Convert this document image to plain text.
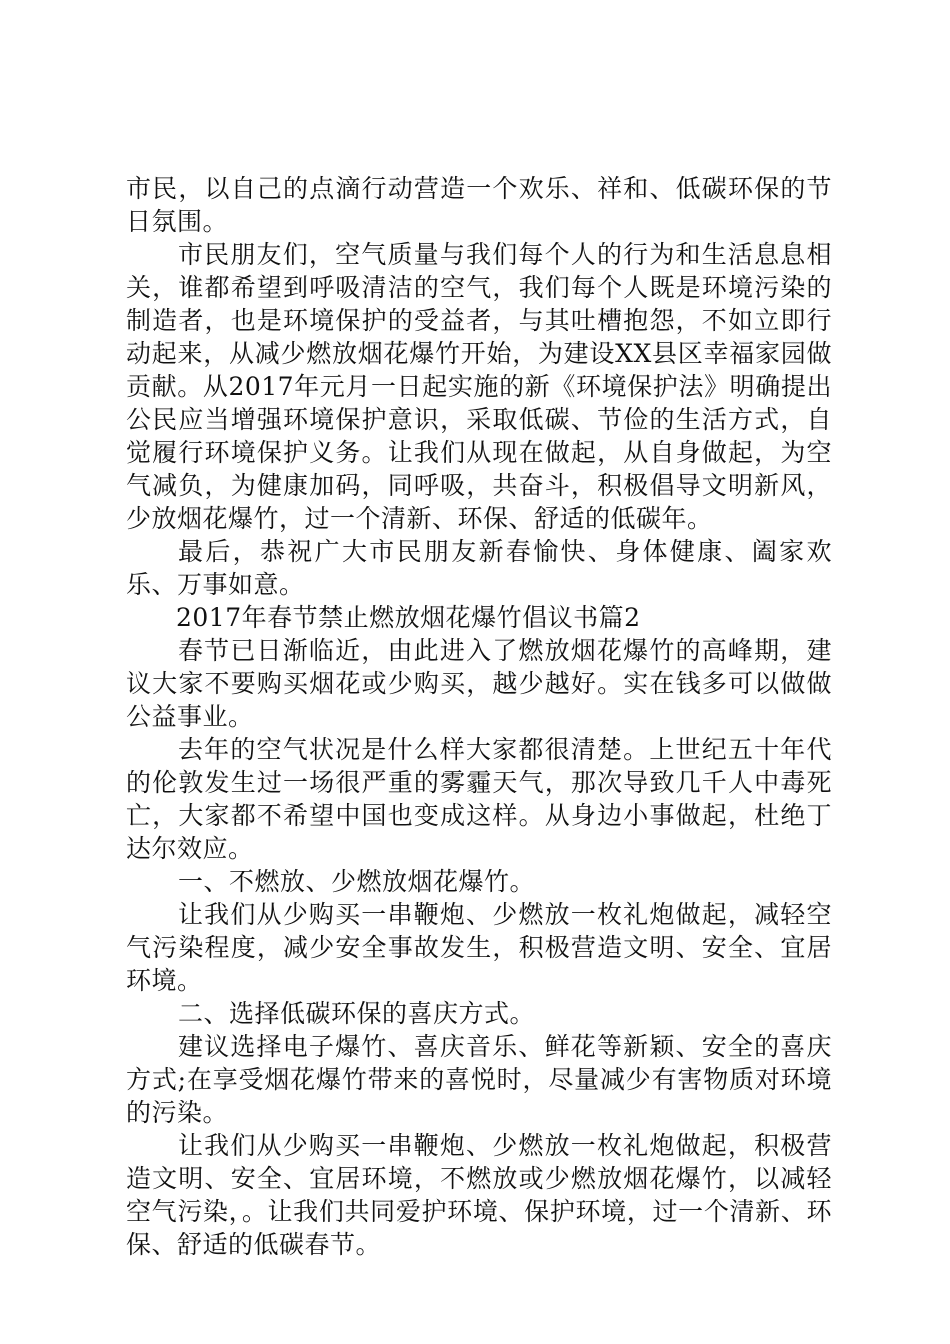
市民，以自己的点滴行动营造一个欢乐、祥和、低碳环保的节日氛围。

市民朋友们，空气质量与我们每个人的行为和生活息息相关，谁都希望到呼吸清洁的空气，我们每个人既是环境污染的制造者，也是环境保护的受益者，与其吐槽抱怨，不如立即行动起来，从减少燃放烟花爆竹开始，为建设XX县区幸福家园做贡献。从2017年元月一日起实施的新《环境保护法》明确提出公民应当增强环境保护意识，采取低碳、节俭的生活方式，自觉履行环境保护义务。让我们从现在做起，从自身做起，为空气减负，为健康加码，同呼吸，共奋斗，积极倡导文明新风，少放烟花爆竹，过一个清新、环保、舒适的低碳年。

最后，恭祝广大市民朋友新春愉快、身体健康、阖家欢乐、万事如意。

2017年春节禁止燃放烟花爆竹倡议书篇2

春节已日渐临近，由此进入了燃放烟花爆竹的高峰期，建议大家不要购买烟花或少购买，越少越好。实在钱多可以做做公益事业。

去年的空气状况是什么样大家都很清楚。上世纪五十年代的伦敦发生过一场很严重的雾霾天气，那次导致几千人中毒死亡，大家都不希望中国也变成这样。从身边小事做起，杜绝丁达尔效应。

一、不燃放、少燃放烟花爆竹。

让我们从少购买一串鞭炮、少燃放一枚礼炮做起，减轻空气污染程度，减少安全事故发生，积极营造文明、安全、宜居环境。

二、选择低碳环保的喜庆方式。

建议选择电子爆竹、喜庆音乐、鲜花等新颖、安全的喜庆方式;在享受烟花爆竹带来的喜悦时，尽量减少有害物质对环境的污染。

让我们从少购买一串鞭炮、少燃放一枚礼炮做起，积极营造文明、安全、宜居环境，不燃放或少燃放烟花爆竹，以减轻空气污染，。让我们共同爱护环境、保护环境，过一个清新、环保、舒适的低碳春节。
